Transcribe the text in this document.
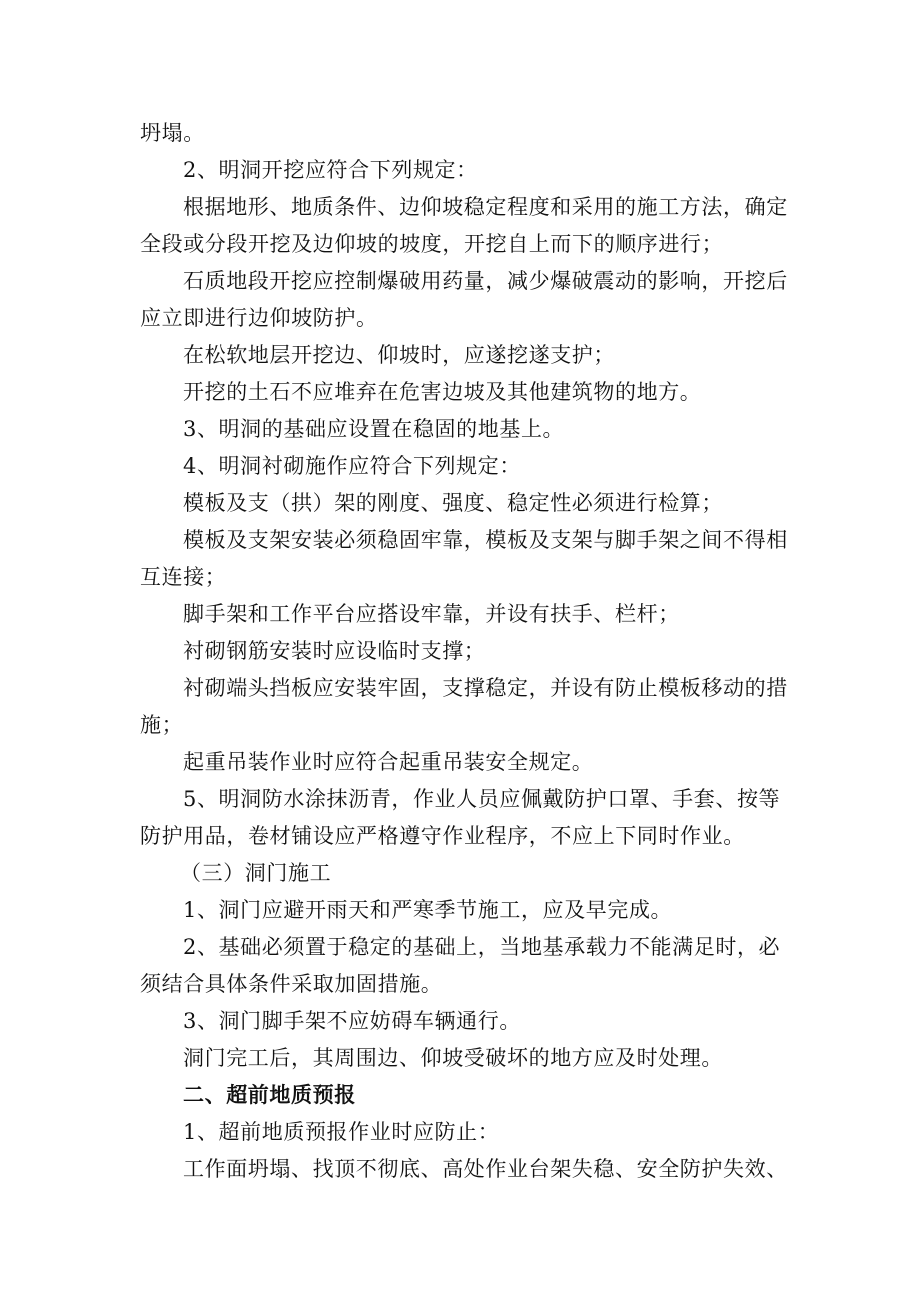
坍塌。
2、明洞开挖应符合下列规定：
根据地形、地质条件、边仰坡稳定程度和采用的施工方法，确定
全段或分段开挖及边仰坡的坡度，开挖自上而下的顺序进行；
石质地段开挖应控制爆破用药量，减少爆破震动的影响，开挖后
应立即进行边仰坡防护。
在松软地层开挖边、仰坡时，应遂挖遂支护；
开挖的土石不应堆弃在危害边坡及其他建筑物的地方。
3、明洞的基础应设置在稳固的地基上。
4、明洞衬砌施作应符合下列规定：
模板及支（拱）架的刚度、强度、稳定性必须进行检算；
模板及支架安装必须稳固牢靠，模板及支架与脚手架之间不得相
互连接；
脚手架和工作平台应搭设牢靠，并设有扶手、栏杆；
衬砌钢筋安装时应设临时支撑；
衬砌端头挡板应安装牢固，支撑稳定，并设有防止模板移动的措
施；
起重吊装作业时应符合起重吊装安全规定。
5、明洞防水涂抹沥青，作业人员应佩戴防护口罩、手套、按等
防护用品，卷材铺设应严格遵守作业程序，不应上下同时作业。
（三）洞门施工
1、洞门应避开雨天和严寒季节施工，应及早完成。
2、基础必须置于稳定的基础上，当地基承载力不能满足时，必
须结合具体条件采取加固措施。
3、洞门脚手架不应妨碍车辆通行。
洞门完工后，其周围边、仰坡受破坏的地方应及时处理。
二、超前地质预报
1、超前地质预报作业时应防止：
工作面坍塌、找顶不彻底、高处作业台架失稳、安全防护失效、
